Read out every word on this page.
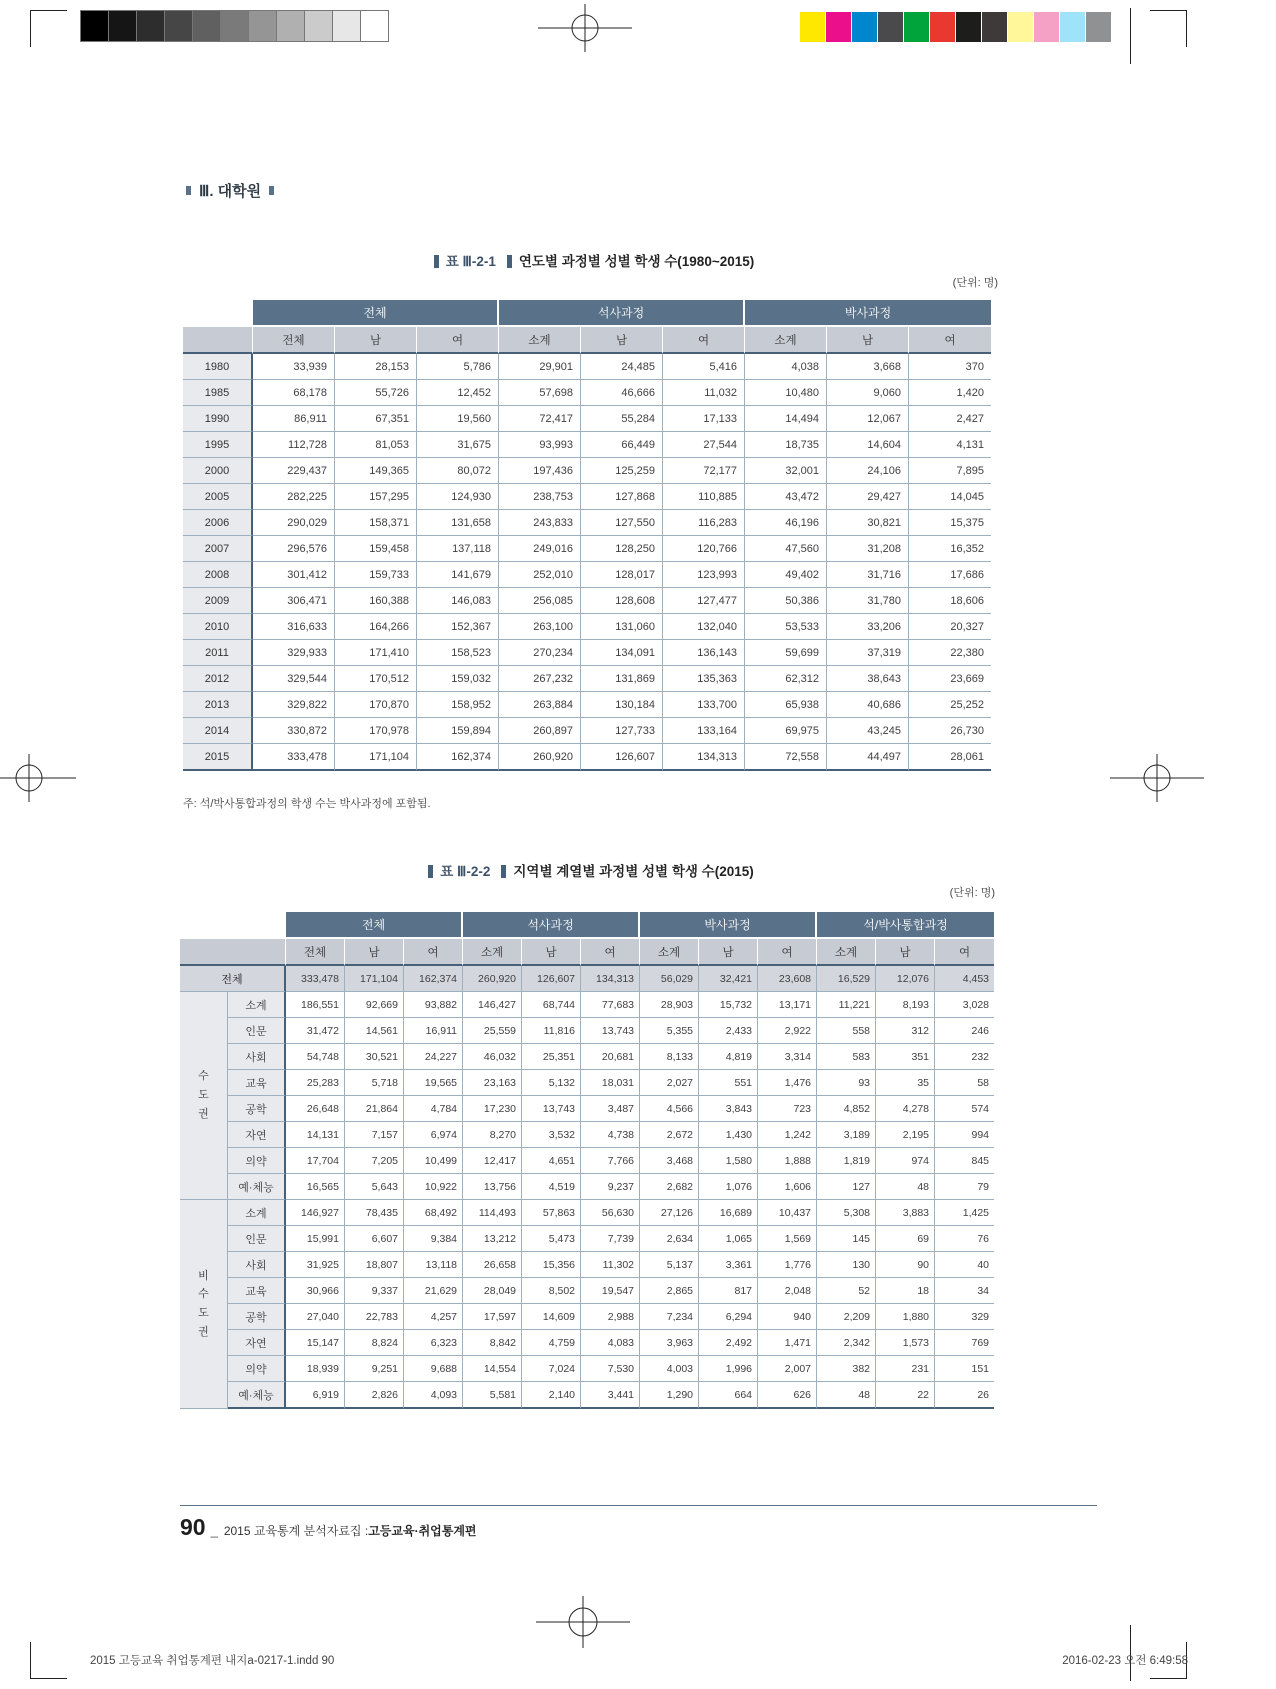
Ⅲ. 대학원
표 Ⅲ-2-1 연도별 과정별 성별 학생 수(1980~2015)
(단위: 명)
	전체			석사과정			박사과정		
	전체	남	여	소계	남	여	소계	남	여
1980	33,939	28,153	5,786	29,901	24,485	5,416	4,038	3,668	370
1985	68,178	55,726	12,452	57,698	46,666	11,032	10,480	9,060	1,420
1990	86,911	67,351	19,560	72,417	55,284	17,133	14,494	12,067	2,427
1995	112,728	81,053	31,675	93,993	66,449	27,544	18,735	14,604	4,131
2000	229,437	149,365	80,072	197,436	125,259	72,177	32,001	24,106	7,895
2005	282,225	157,295	124,930	238,753	127,868	110,885	43,472	29,427	14,045
2006	290,029	158,371	131,658	243,833	127,550	116,283	46,196	30,821	15,375
2007	296,576	159,458	137,118	249,016	128,250	120,766	47,560	31,208	16,352
2008	301,412	159,733	141,679	252,010	128,017	123,993	49,402	31,716	17,686
2009	306,471	160,388	146,083	256,085	128,608	127,477	50,386	31,780	18,606
2010	316,633	164,266	152,367	263,100	131,060	132,040	53,533	33,206	20,327
2011	329,933	171,410	158,523	270,234	134,091	136,143	59,699	37,319	22,380
2012	329,544	170,512	159,032	267,232	131,869	135,363	62,312	38,643	23,669
2013	329,822	170,870	158,952	263,884	130,184	133,700	65,938	40,686	25,252
2014	330,872	170,978	159,894	260,897	127,733	133,164	69,975	43,245	26,730
2015	333,478	171,104	162,374	260,920	126,607	134,313	72,558	44,497	28,061
주: 석/박사통합과정의 학생 수는 박사과정에 포함됨.
표 Ⅲ-2-2 지역별 계열별 과정별 성별 학생 수(2015)
(단위: 명)
		전체			석사과정			박사과정			석/박사통합과정		
		전체	남	여	소계	남	여	소계	남	여	소계	남	여
전체		333,478	171,104	162,374	260,920	126,607	134,313	56,029	32,421	23,608	16,529	12,076	4,453
수
도
권	소계	186,551	92,669	93,882	146,427	68,744	77,683	28,903	15,732	13,171	11,221	8,193	3,028
	인문	31,472	14,561	16,911	25,559	11,816	13,743	5,355	2,433	2,922	558	312	246
	사회	54,748	30,521	24,227	46,032	25,351	20,681	8,133	4,819	3,314	583	351	232
	교육	25,283	5,718	19,565	23,163	5,132	18,031	2,027	551	1,476	93	35	58
	공학	26,648	21,864	4,784	17,230	13,743	3,487	4,566	3,843	723	4,852	4,278	574
	자연	14,131	7,157	6,974	8,270	3,532	4,738	2,672	1,430	1,242	3,189	2,195	994
	의약	17,704	7,205	10,499	12,417	4,651	7,766	3,468	1,580	1,888	1,819	974	845
	예·체능	16,565	5,643	10,922	13,756	4,519	9,237	2,682	1,076	1,606	127	48	79
비
수
도
권	소계	146,927	78,435	68,492	114,493	57,863	56,630	27,126	16,689	10,437	5,308	3,883	1,425
	인문	15,991	6,607	9,384	13,212	5,473	7,739	2,634	1,065	1,569	145	69	76
	사회	31,925	18,807	13,118	26,658	15,356	11,302	5,137	3,361	1,776	130	90	40
	교육	30,966	9,337	21,629	28,049	8,502	19,547	2,865	817	2,048	52	18	34
	공학	27,040	22,783	4,257	17,597	14,609	2,988	7,234	6,294	940	2,209	1,880	329
	자연	15,147	8,824	6,323	8,842	4,759	4,083	3,963	2,492	1,471	2,342	1,573	769
	의약	18,939	9,251	9,688	14,554	7,024	7,530	4,003	1,996	2,007	382	231	151
	예·체능	6,919	2,826	4,093	5,581	2,140	3,441	1,290	664	626	48	22	26
90 _ 2015 교육통계 분석자료집 : 고등교육·취업통계편
2015 고등교육 취업통계편 내지a-0217-1.indd 90	2016-02-23 오전 6:49:58
